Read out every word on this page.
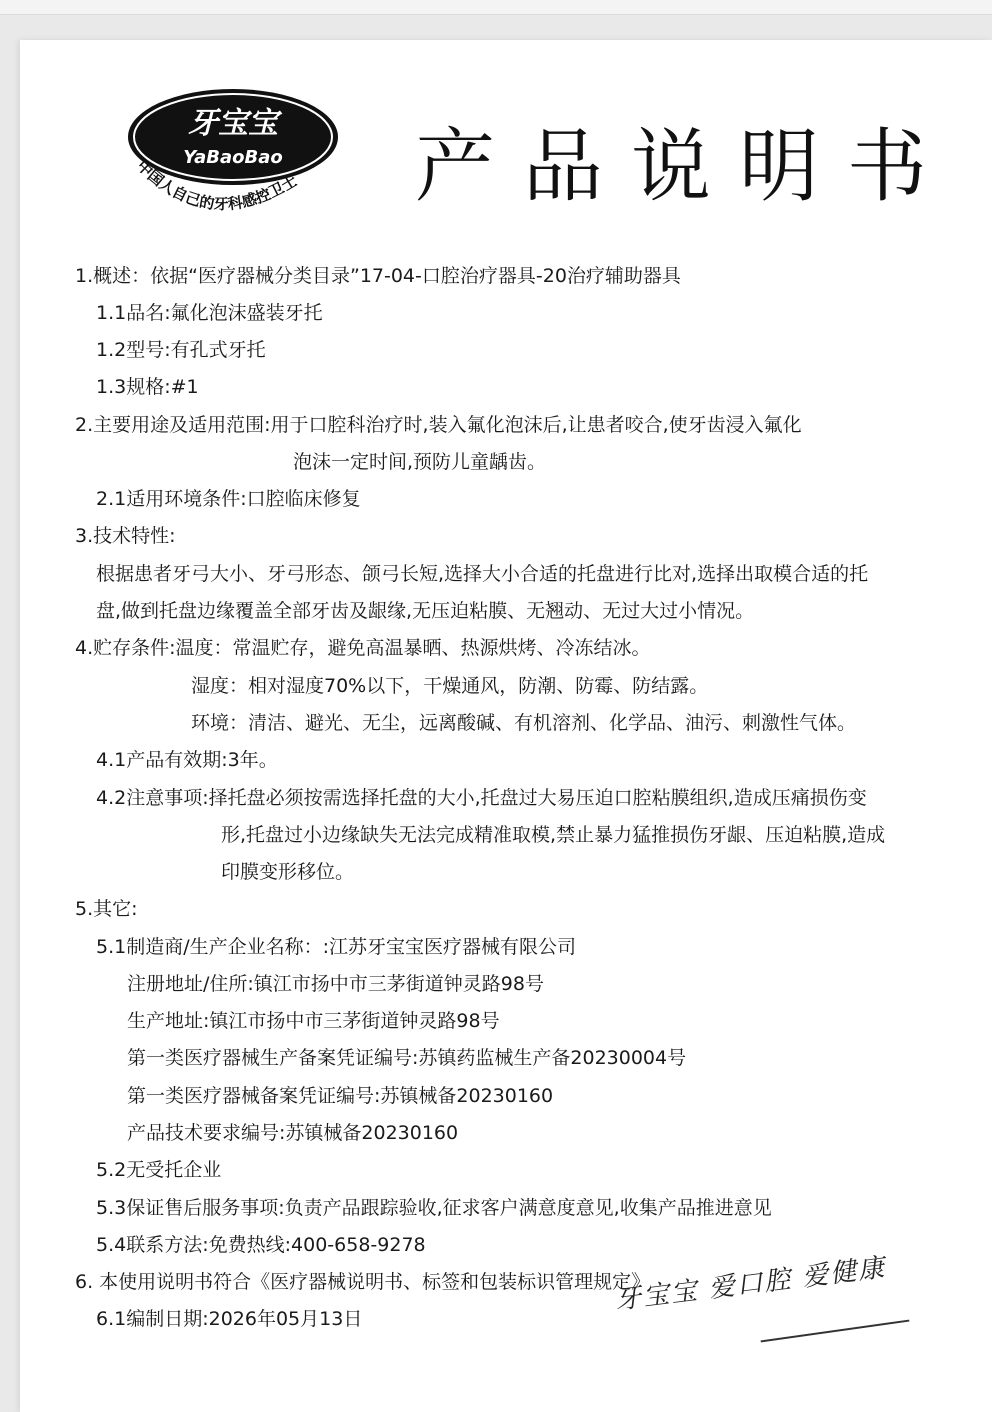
牙宝宝
YaBaoBao
中国人自己的牙科感控卫士 产品说明书
1.概述：依据“医疗器械分类目录”17-04-口腔治疗器具-20治疗辅助器具
1.1品名:氟化泡沫盛装牙托
1.2型号:有孔式牙托
1.3规格:#1
2.主要用途及适用范围:用于口腔科治疗时,装入氟化泡沫后,让患者咬合,使牙齿浸入氟化
泡沫一定时间,预防儿童龋齿。
2.1适用环境条件:口腔临床修复
3.技术特性:
根据患者牙弓大小、牙弓形态、颌弓长短,选择大小合适的托盘进行比对,选择出取模合适的托
盘,做到托盘边缘覆盖全部牙齿及龈缘,无压迫粘膜、无翘动、无过大过小情况。
4.贮存条件:温度：常温贮存，避免高温暴晒、热源烘烤、冷冻结冰。
湿度：相对湿度70%以下，干燥通风，防潮、防霉、防结露。
环境：清洁、避光、无尘，远离酸碱、有机溶剂、化学品、油污、刺激性气体。
4.1产品有效期:3年。
4.2注意事项:择托盘必须按需选择托盘的大小,托盘过大易压迫口腔粘膜组织,造成压痛损伤变
形,托盘过小边缘缺失无法完成精准取模,禁止暴力猛推损伤牙龈、压迫粘膜,造成
印膜变形移位。
5.其它:
5.1制造商/生产企业名称：:江苏牙宝宝医疗器械有限公司
注册地址/住所:镇江市扬中市三茅街道钟灵路98号
生产地址:镇江市扬中市三茅街道钟灵路98号
第一类医疗器械生产备案凭证编号:苏镇药监械生产备20230004号
第一类医疗器械备案凭证编号:苏镇械备20230160
产品技术要求编号:苏镇械备20230160
5.2无受托企业
5.3保证售后服务事项:负责产品跟踪验收,征求客户满意度意见,收集产品推进意见
5.4联系方法:免费热线:400-658-9278
6. 本使用说明书符合《医疗器械说明书、标签和包装标识管理规定》
6.1编制日期:2026年05月13日
牙宝宝 爱口腔 爱健康
